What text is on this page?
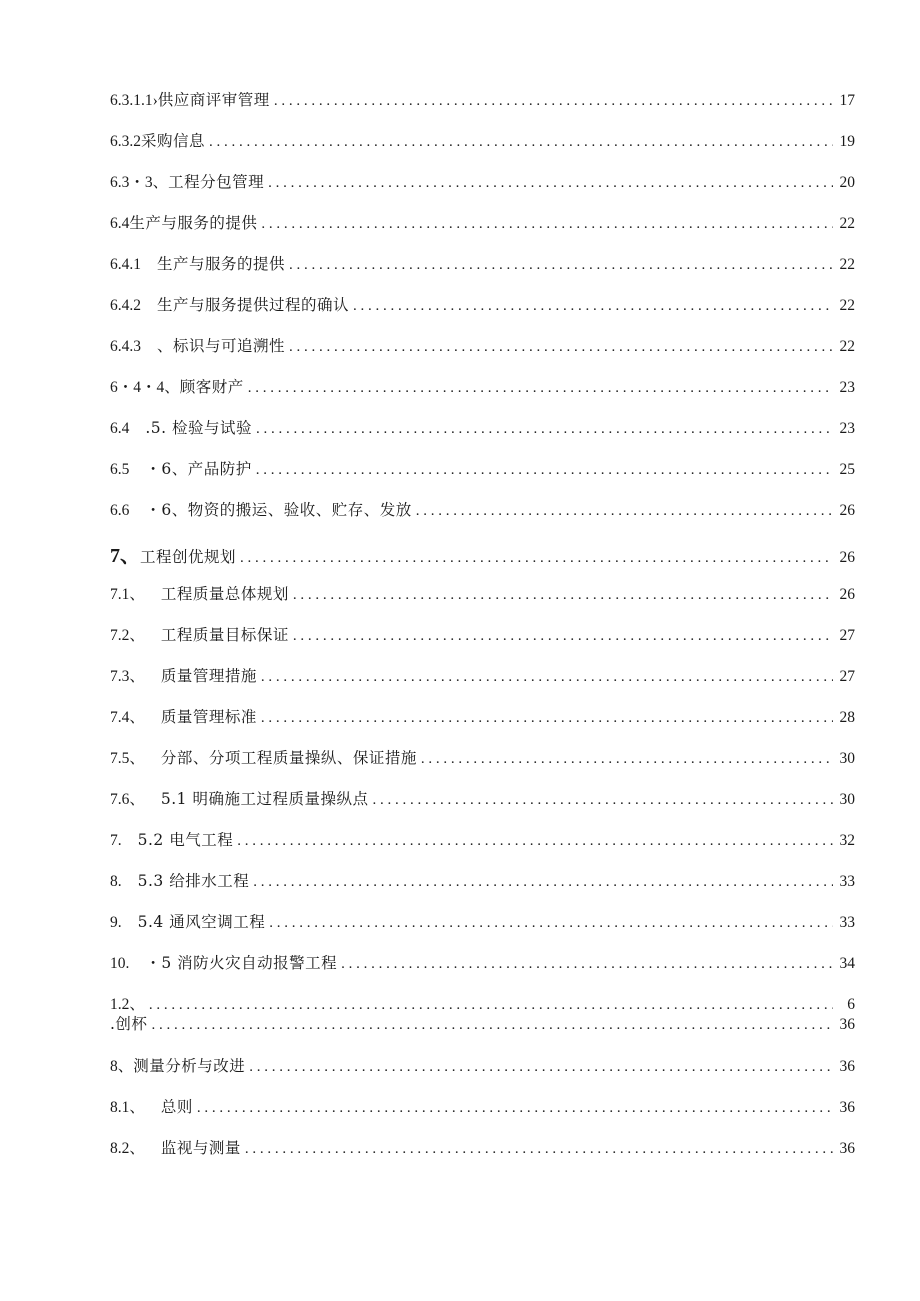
6.3.1.1› 供应商评审管理 . . .	17
6.3.2 采购信息 . . .	19
6.3・3、 工程分包管理 . . .	20
6.4 生产与服务的提供 . . .	22
6.4.1 　生产与服务的提供 . . .	22
6.4.2 　生产与服务提供过程的确认 . . .	22
6.4.3 　、标识与可追溯性 . . .	22
6・4・4、 顾客财产 . . .	23
6.4 　.5. 检验与试验 . . .	23
6.5 　・6、产品防护 . . .	25
6.6 　・6、物资的搬运、验收、贮存、发放 . . .	26
7、 工程创优规划 . . .	26
7.1、 　工程质量总体规划 . . .	26
7.2、 　工程质量目标保证 . . .	27
7.3、 　质量管理措施 . . .	27
7.4、 　质量管理标准 . . .	28
7.5、 　分部、分项工程质量操纵、保证措施 . . .	30
7.6、 　5.1 明确施工过程质量操纵点 . . .	30
7. 　5.2 电气工程 . . .	32
8. 　5.3 给排水工程 . . .	33
9. 　5.4 通风空调工程 . . .	33
10. 　・5 消防火灾自动报警工程 . . .	34
1.2、 . . .	6
.创杯 . . .	36
8、 测量分析与改进 . . .	36
8.1、 　总则 . . .	36
8.2、 　监视与测量 . . .	36
